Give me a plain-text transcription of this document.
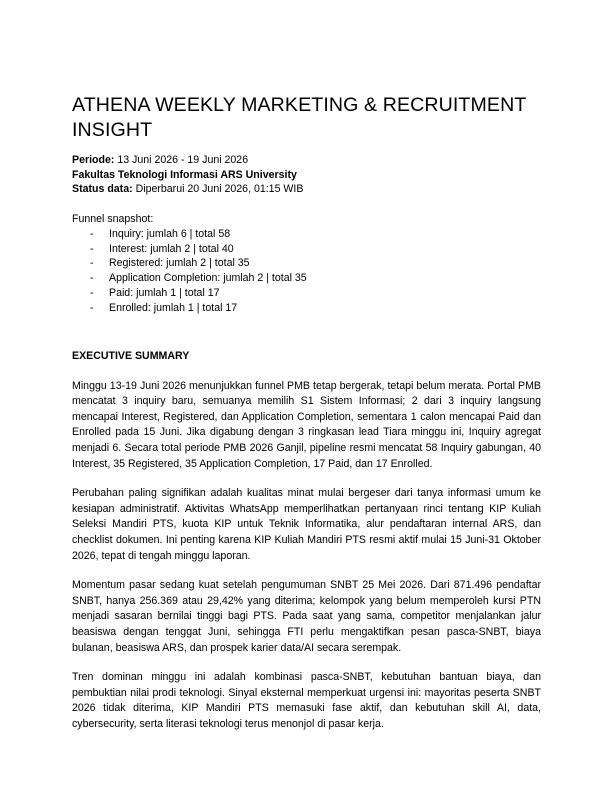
ATHENA WEEKLY MARKETING & RECRUITMENT INSIGHT
Periode: 13 Juni 2026 - 19 Juni 2026
Fakultas Teknologi Informasi ARS University
Status data: Diperbarui 20 Juni 2026, 01:15 WIB
Funnel snapshot:
- Inquiry: jumlah 6 | total 58
- Interest: jumlah 2 | total 40
- Registered: jumlah 2 | total 35
- Application Completion: jumlah 2 | total 35
- Paid: jumlah 1 | total 17
- Enrolled: jumlah 1 | total 17
EXECUTIVE SUMMARY

Minggu 13-19 Juni 2026 menunjukkan funnel PMB tetap bergerak, tetapi belum merata. Portal PMB mencatat 3 inquiry baru, semuanya memilih S1 Sistem Informasi; 2 dari 3 inquiry langsung mencapai Interest, Registered, dan Application Completion, sementara 1 calon mencapai Paid dan Enrolled pada 15 Juni. Jika digabung dengan 3 ringkasan lead Tiara minggu ini, Inquiry agregat menjadi 6. Secara total periode PMB 2026 Ganjil, pipeline resmi mencatat 58 Inquiry gabungan, 40 Interest, 35 Registered, 35 Application Completion, 17 Paid, dan 17 Enrolled.

Perubahan paling signifikan adalah kualitas minat mulai bergeser dari tanya informasi umum ke kesiapan administratif. Aktivitas WhatsApp memperlihatkan pertanyaan rinci tentang KIP Kuliah Seleksi Mandiri PTS, kuota KIP untuk Teknik Informatika, alur pendaftaran internal ARS, dan checklist dokumen. Ini penting karena KIP Kuliah Mandiri PTS resmi aktif mulai 15 Juni-31 Oktober 2026, tepat di tengah minggu laporan.

Momentum pasar sedang kuat setelah pengumuman SNBT 25 Mei 2026. Dari 871.496 pendaftar SNBT, hanya 256.369 atau 29,42% yang diterima; kelompok yang belum memperoleh kursi PTN menjadi sasaran bernilai tinggi bagi PTS. Pada saat yang sama, competitor menjalankan jalur beasiswa dengan tenggat Juni, sehingga FTI perlu mengaktifkan pesan pasca-SNBT, biaya bulanan, beasiswa ARS, dan prospek karier data/AI secara serempak.

Tren dominan minggu ini adalah kombinasi pasca-SNBT, kebutuhan bantuan biaya, dan pembuktian nilai prodi teknologi. Sinyal eksternal memperkuat urgensi ini: mayoritas peserta SNBT 2026 tidak diterima, KIP Mandiri PTS memasuki fase aktif, dan kebutuhan skill AI, data, cybersecurity, serta literasi teknologi terus menonjol di pasar kerja.
